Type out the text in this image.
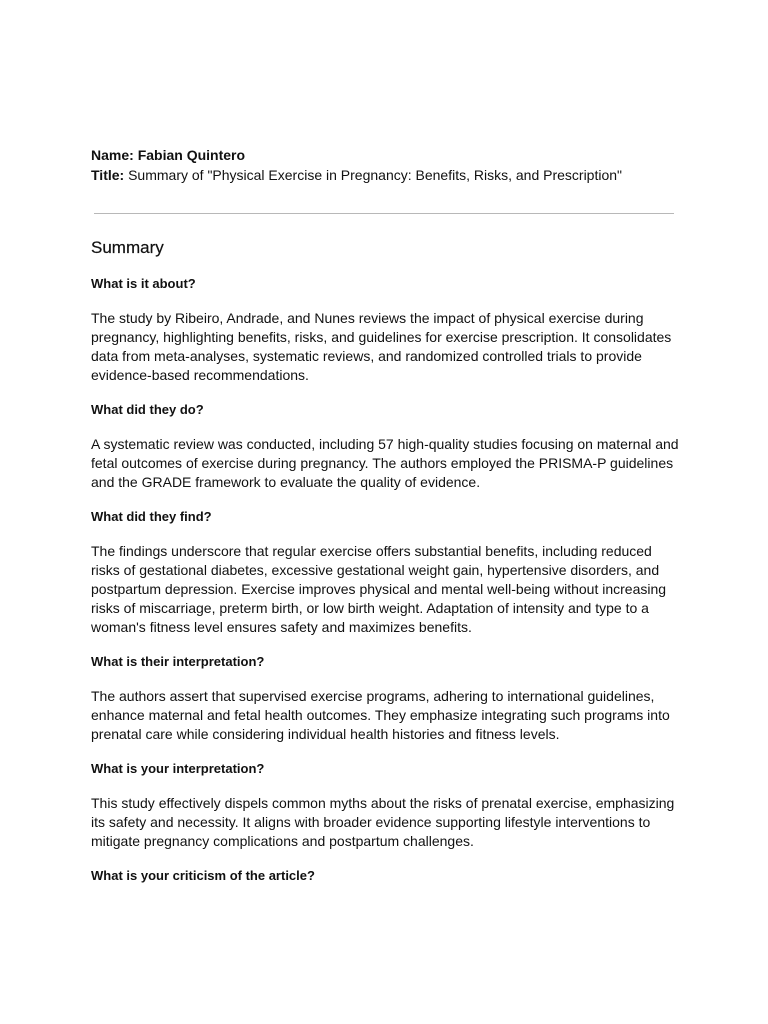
Name: Fabian Quintero

Title: Summary of "Physical Exercise in Pregnancy: Benefits, Risks, and Prescription"

Summary

What is it about?

The study by Ribeiro, Andrade, and Nunes reviews the impact of physical exercise during pregnancy, highlighting benefits, risks, and guidelines for exercise prescription. It consolidates data from meta-analyses, systematic reviews, and randomized controlled trials to provide evidence-based recommendations.

What did they do?

A systematic review was conducted, including 57 high-quality studies focusing on maternal and fetal outcomes of exercise during pregnancy. The authors employed the PRISMA-P guidelines and the GRADE framework to evaluate the quality of evidence.

What did they find?

The findings underscore that regular exercise offers substantial benefits, including reduced risks of gestational diabetes, excessive gestational weight gain, hypertensive disorders, and postpartum depression. Exercise improves physical and mental well-being without increasing risks of miscarriage, preterm birth, or low birth weight. Adaptation of intensity and type to a woman's fitness level ensures safety and maximizes benefits.

What is their interpretation?

The authors assert that supervised exercise programs, adhering to international guidelines, enhance maternal and fetal health outcomes. They emphasize integrating such programs into prenatal care while considering individual health histories and fitness levels.

What is your interpretation?

This study effectively dispels common myths about the risks of prenatal exercise, emphasizing its safety and necessity. It aligns with broader evidence supporting lifestyle interventions to mitigate pregnancy complications and postpartum challenges.

What is your criticism of the article?
